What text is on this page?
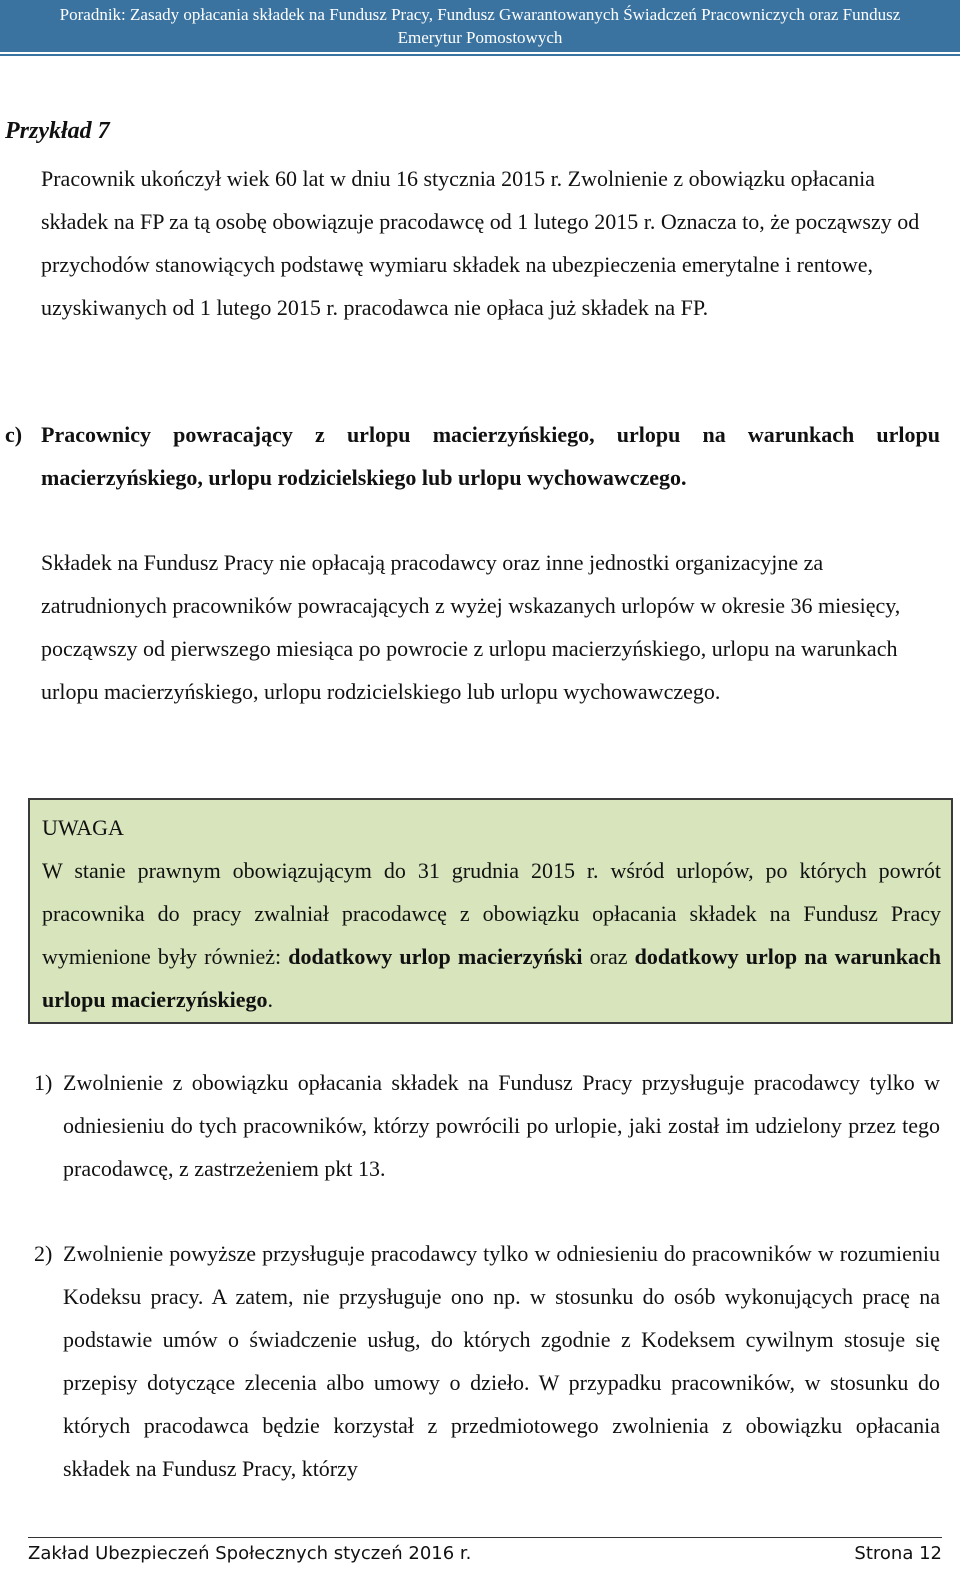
Poradnik: Zasady opłacania składek na Fundusz Pracy, Fundusz Gwarantowanych Świadczeń Pracowniczych oraz Fundusz
Emerytur Pomostowych
Przykład 7

Pracownik ukończył wiek 60 lat w dniu 16 stycznia 2015 r. Zwolnienie z obowiązku opłacania składek na FP za tą osobę obowiązuje pracodawcę od 1 lutego 2015 r. Oznacza to, że począwszy od przychodów stanowiących podstawę wymiaru składek na ubezpieczenia emerytalne i rentowe, uzyskiwanych od 1 lutego 2015 r. pracodawca nie opłaca już składek na FP.

c) Pracownicy powracający z urlopu macierzyńskiego, urlopu na warunkach urlopu macierzyńskiego, urlopu rodzicielskiego lub urlopu wychowawczego.

Składek na Fundusz Pracy nie opłacają pracodawcy oraz inne jednostki organizacyjne za zatrudnionych pracowników powracających z wyżej wskazanych urlopów w okresie 36 miesięcy, począwszy od pierwszego miesiąca po powrocie z urlopu macierzyńskiego, urlopu na warunkach urlopu macierzyńskiego, urlopu rodzicielskiego lub urlopu wychowawczego.

UWAGA

W stanie prawnym obowiązującym do 31 grudnia 2015 r. wśród urlopów, po których powrót pracownika do pracy zwalniał pracodawcę z obowiązku opłacania składek na Fundusz Pracy wymienione były również: dodatkowy urlop macierzyński oraz dodatkowy urlop na warunkach urlopu macierzyńskiego.

1) Zwolnienie z obowiązku opłacania składek na Fundusz Pracy przysługuje pracodawcy tylko w odniesieniu do tych pracowników, którzy powrócili po urlopie, jaki został im udzielony przez tego pracodawcę, z zastrzeżeniem pkt 13.
2) Zwolnienie powyższe przysługuje pracodawcy tylko w odniesieniu do pracowników w rozumieniu Kodeksu pracy. A zatem, nie przysługuje ono np. w stosunku do osób wykonujących pracę na podstawie umów o świadczenie usług, do których zgodnie z Kodeksem cywilnym stosuje się przepisy dotyczące zlecenia albo umowy o dzieło. W przypadku pracowników, w stosunku do których pracodawca będzie korzystał z przedmiotowego zwolnienia z obowiązku opłacania składek na Fundusz Pracy, którzy
Zakład Ubezpieczeń Społecznych styczeń 2016 r.	Strona 12
